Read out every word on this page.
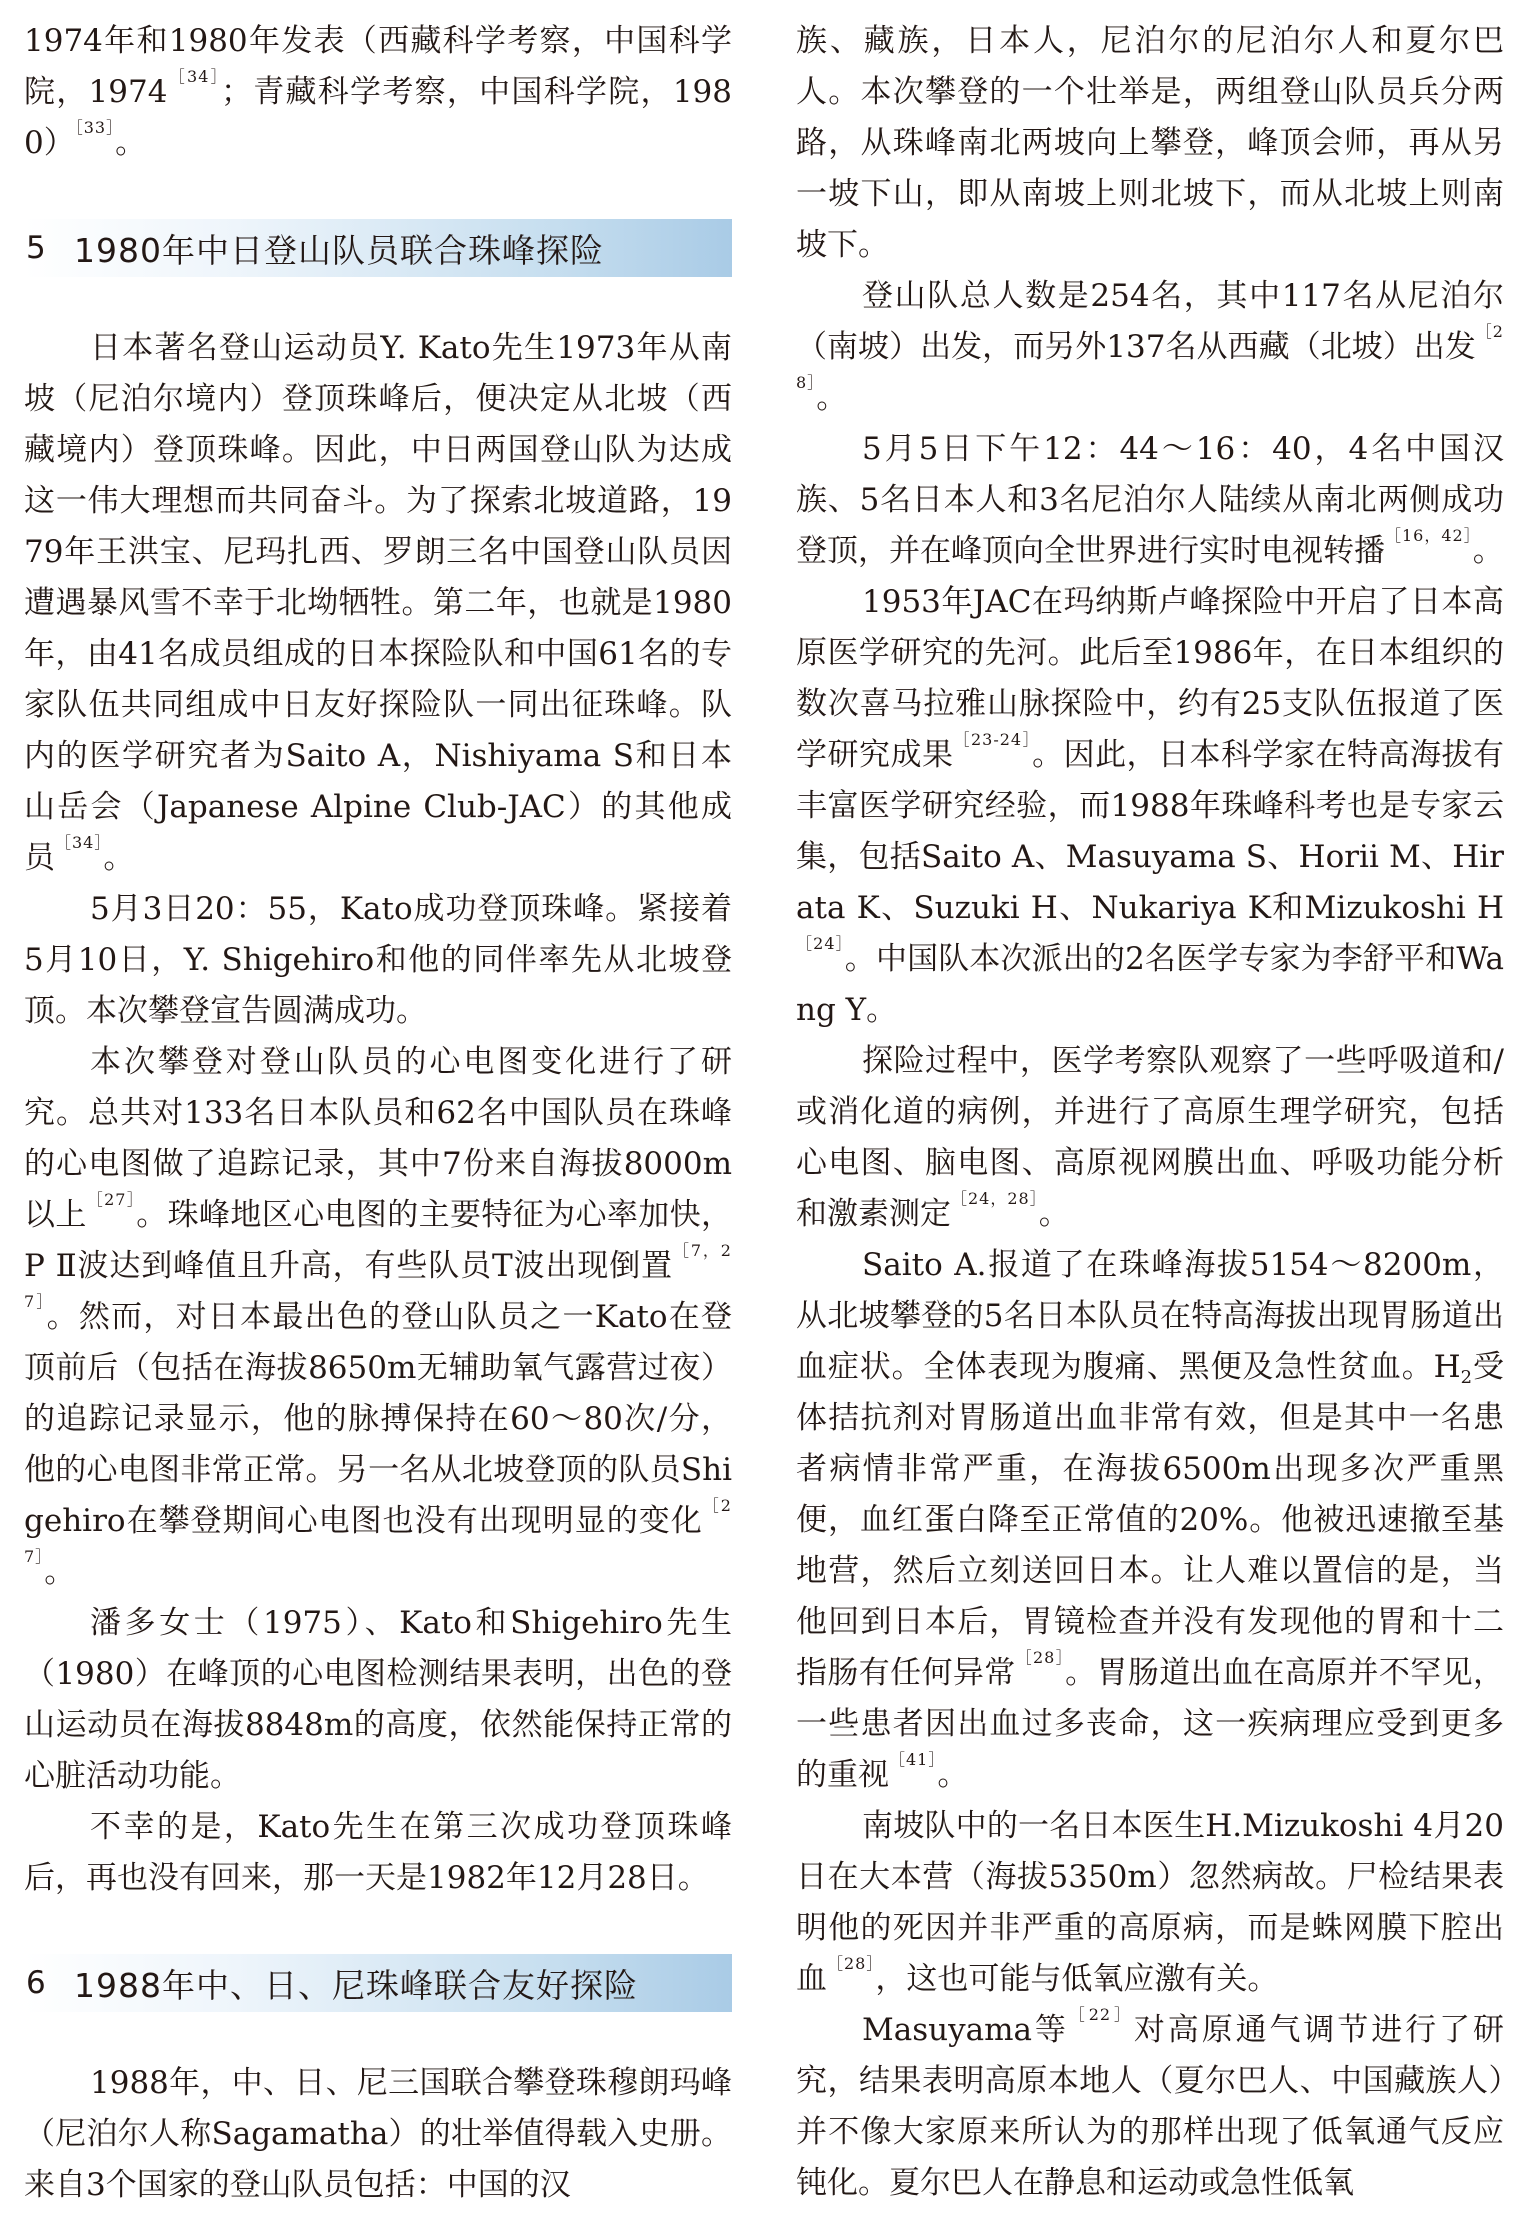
1974年和1980年发表（西藏科学考察，中国科学院，1974$^{[34]}$；青藏科学考察，中国科学院，1980）$^{[33]}$。

5 1980年中日登山队员联合珠峰探险

日本著名登山运动员Y. Kato先生1973年从南坡（尼泊尔境内）登顶珠峰后，便决定从北坡（西藏境内）登顶珠峰。因此，中日两国登山队为达成这一伟大理想而共同奋斗。为了探索北坡道路，1979年王洪宝、尼玛扎西、罗朗三名中国登山队员因遭遇暴风雪不幸于北坳牺牲。第二年，也就是1980年，由41名成员组成的日本探险队和中国61名的专家队伍共同组成中日友好探险队一同出征珠峰。队内的医学研究者为Saito A，Nishiyama S和日本山岳会（Japanese Alpine Club-JAC）的其他成员$^{[34]}$。

5月3日20：55，Kato成功登顶珠峰。紧接着5月10日，Y. Shigehiro和他的同伴率先从北坡登顶。本次攀登宣告圆满成功。

本次攀登对登山队员的心电图变化进行了研究。总共对133名日本队员和62名中国队员在珠峰的心电图做了追踪记录，其中7份来自海拔8000m以上$^{[27]}$。珠峰地区心电图的主要特征为心率加快，P Ⅱ波达到峰值且升高，有些队员T波出现倒置$^{[7,27]}$。然而，对日本最出色的登山队员之一Kato在登顶前后（包括在海拔8650m无辅助氧气露营过夜）的追踪记录显示，他的脉搏保持在60～80次/分，他的心电图非常正常。另一名从北坡登顶的队员Shigehiro在攀登期间心电图也没有出现明显的变化$^{[27]}$。

潘多女士（1975）、Kato和Shigehiro先生（1980）在峰顶的心电图检测结果表明，出色的登山运动员在海拔8848m的高度，依然能保持正常的心脏活动功能。

不幸的是，Kato先生在第三次成功登顶珠峰后，再也没有回来，那一天是1982年12月28日。

6 1988年中、日、尼珠峰联合友好探险

1988年，中、日、尼三国联合攀登珠穆朗玛峰（尼泊尔人称Sagamatha）的壮举值得载入史册。来自3个国家的登山队员包括：中国的汉

族、藏族，日本人，尼泊尔的尼泊尔人和夏尔巴人。本次攀登的一个壮举是，两组登山队员兵分两路，从珠峰南北两坡向上攀登，峰顶会师，再从另一坡下山，即从南坡上则北坡下，而从北坡上则南坡下。

登山队总人数是254名，其中117名从尼泊尔（南坡）出发，而另外137名从西藏（北坡）出发$^{[28]}$。

5月5日下午12：44～16：40，4名中国汉族、5名日本人和3名尼泊尔人陆续从南北两侧成功登顶，并在峰顶向全世界进行实时电视转播$^{[16,42]}$。

1953年JAC在玛纳斯卢峰探险中开启了日本高原医学研究的先河。此后至1986年，在日本组织的数次喜马拉雅山脉探险中，约有25支队伍报道了医学研究成果$^{[23-24]}$。因此，日本科学家在特高海拔有丰富医学研究经验，而1988年珠峰科考也是专家云集，包括Saito A、Masuyama S、Horii M、Hirata K、Suzuki H、Nukariya K和Mizukoshi H$^{[24]}$。中国队本次派出的2名医学专家为李舒平和Wang Y。

探险过程中，医学考察队观察了一些呼吸道和/或消化道的病例，并进行了高原生理学研究，包括心电图、脑电图、高原视网膜出血、呼吸功能分析和激素测定$^{[24,28]}$。

Saito A.报道了在珠峰海拔5154～8200m，从北坡攀登的5名日本队员在特高海拔出现胃肠道出血症状。全体表现为腹痛、黑便及急性贫血。$H_2$受体拮抗剂对胃肠道出血非常有效，但是其中一名患者病情非常严重，在海拔6500m出现多次严重黑便，血红蛋白降至正常值的20%。他被迅速撤至基地营，然后立刻送回日本。让人难以置信的是，当他回到日本后，胃镜检查并没有发现他的胃和十二指肠有任何异常$^{[28]}$。胃肠道出血在高原并不罕见，一些患者因出血过多丧命，这一疾病理应受到更多的重视$^{[41]}$。

南坡队中的一名日本医生H.Mizukoshi 4月20日在大本营（海拔5350m）忽然病故。尸检结果表明他的死因并非严重的高原病，而是蛛网膜下腔出血$^{[28]}$，这也可能与低氧应激有关。

Masuyama等$^{[22]}$对高原通气调节进行了研究，结果表明高原本地人（夏尔巴人、中国藏族人）并不像大家原来所认为的那样出现了低氧通气反应钝化。夏尔巴人在静息和运动或急性低氧
